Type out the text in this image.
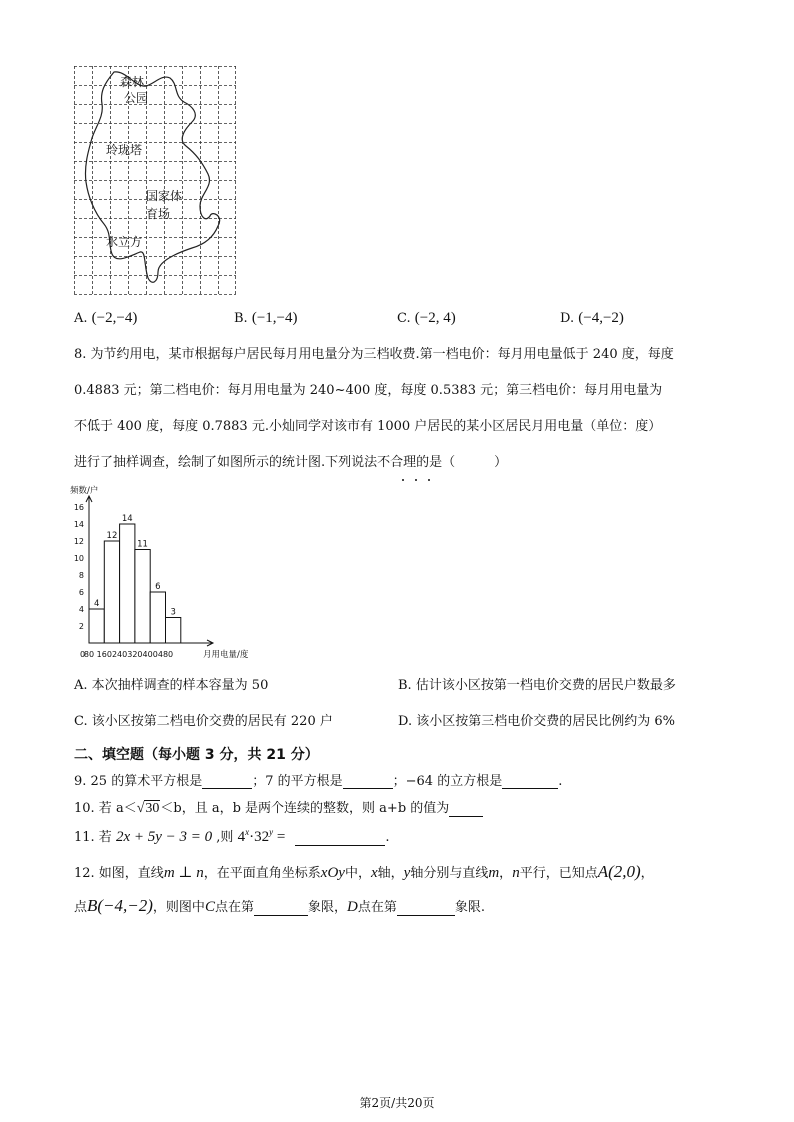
森林
公园
玲珑塔
国家体
育场
水立方
A. (−2,−4)	B. (−1,−4)	C. (−2, 4)	D. (−4,−2)
8. 为节约用电，某市根据每户居民每月用电量分为三档收费.第一档电价：每月用电量低于 240 度，每度
0.4883 元；第二档电价：每月用电量为 240~400 度，每度 0.5383 元；第三档电价：每月用电量为
不低于 400 度，每度 0.7883 元.小灿同学对该市有 1000 户居民的某小区居民月用电量（单位：度）
进行了抽样调查，绘制了如图所示的统计图.下列说法不合理的是（　　　）
频数/户
月用电量/度
0
2
4
6
8
10
12
14
16
80 160 240 320 400 480
4
12
14
11
6
3
A. 本次抽样调查的样本容量为 50	B. 估计该小区按第一档电价交费的居民户数最多
C. 该小区按第二档电价交费的居民有 220 户	D. 该小区按第三档电价交费的居民比例约为 6%
二、填空题（每小题 3 分，共 21 分）
9. 25 的算术平方根是	；7 的平方根是	；−64 的立方根是	.
10. 若 a＜√30＜b，且 a，b 是两个连续的整数，则 a+b 的值为
11. 若 2x + 5y − 3 = 0 ,则 $4^x\cdot 32^y$ =	.
12. 如图，直线m ⊥ n，在平面直角坐标系xOy中，x轴，y轴分别与直线m，n平行，已知点A(2,0)，
点B(−4,−2)，则图中C点在第	象限，D点在第	象限.
第2页/共20页
